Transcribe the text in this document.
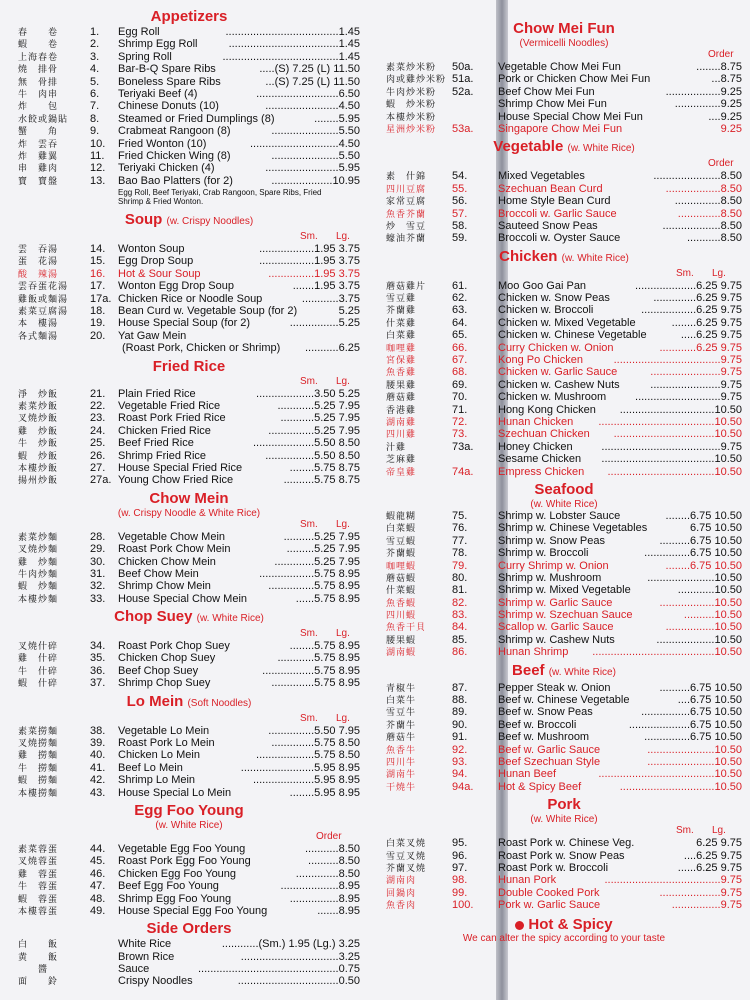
Appetizers
春　　卷	1. Egg Roll	.....................................1.45
蝦　　卷	2. Shrimp Egg Roll	....................................1.45
上海春卷	3. Spring Roll	......................................1.45
燒　排骨	4. Bar-B-Q Spare Ribs	.....(S) 7.25 (L) 11.50
無　骨排	5. Boneless Spare Ribs	...(S) 7.25 (L) 11.50
牛　肉串	6. Teriyaki Beef (4)	...........................6.50
炸　　包	7. Chinese Donuts (10)	........................4.50
水餃或鍋貼 8. Steamed or Fried Dumplings (8)	........5.95
蟹　　角	9. Crabmeat Rangoon (8)	......................5.50
炸　雲吞	10. Fried Wonton (10)	.............................4.50
炸　雞翼	11. Fried Chicken Wing (8)	......................5.50
串　雞肉	12. Teriyaki Chicken (4)	........................5.95
寶　寶盤	13. Bao Bao Platters (for 2)	....................10.95
Egg Roll, Beef Teriyaki, Crab Rangoon, Spare Ribs, Fried Shrimp & Fried Wonton.
Soup (w. Crispy Noodles)
Sm. Lg.
雲　吞湯	14. Wonton Soup	..................1.95 3.75
蛋　花湯	15. Egg Drop Soup	..................1.95 3.75
酸　辣湯	16. Hot & Sour Soup	...............1.95 3.75
雲吞蛋花湯 17. Wonton Egg Drop Soup	.......1.95 3.75
雞飯或麵湯 17a. Chicken Rice or Noodle Soup	............3.75
素菜豆腐湯 18. Bean Curd w. Vegetable Soup (for 2)	5.25
本　樓湯	19. House Special Soup (for 2)	................5.25
各式麵湯	20. Yat Gaw Mein
(Roast Pork, Chicken or Shrimp) ...........6.25
Fried Rice
Sm. Lg.
淨　炒飯	21. Plain Fried Rice	...................3.50 5.25
素菜炒飯	22. Vegetable Fried Rice	............5.25 7.95
叉燒炒飯	23. Roast Pork Fried Rice	...........5.25 7.95
雞　炒飯	24. Chicken Fried Rice	...............5.25 7.95
牛　炒飯	25. Beef Fried Rice	....................5.50 8.50
蝦　炒飯	26. Shrimp Fried Rice	................5.50 8.50
本樓炒飯	27. House Special Fried Rice	........5.75 8.75
揚州炒飯	27a. Young Chow Fried Rice	..........5.75 8.75
Chow Mein
(w. Crispy Noodle & White Rice)
Sm. Lg.
素菜炒麵	28. Vegetable Chow Mein	..........5.25 7.95
叉燒炒麵	29. Roast Pork Chow Mein	.........5.25 7.95
雞　炒麵	30. Chicken Chow Mein	.............5.25 7.95
牛肉炒麵	31. Beef Chow Mein	..................5.75 8.95
蝦　炒麵	32. Shrimp Chow Mein	...............5.75 8.95
本樓炒麵	33. House Special Chow Mein	......5.75 8.95
Chop Suey (w. White Rice)
Sm. Lg.
叉燒什碎	34. Roast Pork Chop Suey	........5.75 8.95
雞　什碎	35. Chicken Chop Suey	............5.75 8.95
牛　什碎	36. Beef Chop Suey	.................5.75 8.95
蝦　什碎	37. Shrimp Chop Suey	..............5.75 8.95
Lo Mein (Soft Noodles)
Sm. Lg.
素菜撈麵	38. Vegetable Lo Mein	...............5.50 7.95
叉燒撈麵	39. Roast Pork Lo Mein	..............5.75 8.50
雞　撈麵	40. Chicken Lo Mein	...................5.75 8.50
牛　撈麵	41. Beef Lo Mein	........................5.95 8.95
蝦　撈麵	42. Shrimp Lo Mein	....................5.95 8.95
本樓撈麵	43. House Special Lo Mein	........5.95 8.95
Egg Foo Young
(w. White Rice)
Order
素菜蓉蛋	44. Vegetable Egg Foo Young	...........8.50
叉燒蓉蛋	45. Roast Pork Egg Foo Young	..........8.50
雞　蓉蛋	46. Chicken Egg Foo Young	..............8.50
牛　蓉蛋	47. Beef Egg Foo Young	...................8.95
蝦　蓉蛋	48. Shrimp Egg Foo Young	................8.95
本樓蓉蛋	49. House Special Egg Foo Young	.......8.95
Side Orders
白　　飯	White Rice	............(Sm.) 1.95 (Lg.) 3.25
黄　　飯	Brown Rice	................................3.25
　　醬	Sauce	..............................................0.75
面　　鈴	Crispy Noodles	.................................0.50
Chow Mei Fun
(Vermicelli Noodles)
Order
素菜炒米粉 50a. Vegetable Chow Mei Fun	........8.75
肉或雞炒米粉 51a. Pork or Chicken Chow Mei Fun	...8.75
牛肉炒米粉 52a. Beef Chow Mei Fun	..................9.25
蝦　炒米粉	Shrimp Chow Mei Fun	...............9.25
本樓炒米粉	House Special Chow Mei Fun	....9.25
星洲炒米粉 53a. Singapore Chow Mei Fun	9.25
Vegetable (w. White Rice)
Order
素　什錦 54.	Mixed Vegetables	......................8.50
四川豆腐 55.	Szechuan Bean Curd	..................8.50
家常豆腐 56.	Home Style Bean Curd	...............8.50
魚香芥蘭 57.	Broccoli w. Garlic Sauce	..............8.50
炒　雪豆 58.	Sauteed Snow Peas	...................8.50
蠔油芥蘭 59.	Broccoli w. Oyster Sauce	...........8.50
Chicken (w. White Rice)
Sm. Lg.
蘑菇雞片 61.	Moo Goo Gai Pan	....................6.25 9.75
雪豆雞	62.	Chicken w. Snow Peas	..............6.25 9.75
芥蘭雞	63.	Chicken w. Broccoli	..................6.25 9.75
什菜雞	64.	Chicken w. Mixed Vegetable	........6.25 9.75
白菜雞	65.	Chicken w. Chinese Vegetable	.....6.25 9.75
咖哩雞	66.	Curry Chicken w. Onion	............6.25 9.75
宮保雞	67.	Kong Po Chicken	...................................9.75
魚香雞	68.	Chicken w. Garlic Sauce	.......................9.75
腰果雞	69.	Chicken w. Cashew Nuts	.......................9.75
蘑菇雞	70.	Chicken w. Mushroom	............................9.75
香港雞	71.	Hong Kong Chicken ...............................10.50
湖南雞	72.	Hunan Chicken ......................................10.50
四川雞	73.	Szechuan Chicken .................................10.50
汁雞	73a. Honey Chicken	.......................................9.75
芝麻雞	Sesame Chicken .....................................10.50
帝皇雞	74a. Empress Chicken ...................................10.50
Seafood
(w. White Rice)
蝦龍糊	75.	Shrimp w. Lobster Sauce	........6.75 10.50
白菜蝦	76.	Shrimp w. Chinese Vegetables	6.75 10.50
雪豆蝦	77.	Shrimp w. Snow Peas	..........6.75 10.50
芥蘭蝦	78.	Shrimp w. Broccoli	...............6.75 10.50
咖哩蝦	79.	Curry Shrimp w. Onion	........6.75 10.50
蘑菇蝦	80.	Shrimp w. Mushroom	......................10.50
什菜蝦	81.	Shrimp w. Mixed Vegetable	............10.50
魚香蝦	82.	Shrimp w. Garlic Sauce	..................10.50
四川蝦	83.	Shrimp w. Szechuan Sauce	..........10.50
魚香干貝 84.	Scallop w. Garlic Sauce	................10.50
腰果蝦	85.	Shrimp w. Cashew Nuts	...................10.50
湖南蝦	86.	Hunan Shrimp ........................................10.50
Beef (w. White Rice)
青椒牛	87.	Pepper Steak w. Onion	..........6.75 10.50
白菜牛	88.	Beef w. Chinese Vegetable	....6.75 10.50
雪豆牛	89.	Beef w. Snow Peas	................6.75 10.50
芥蘭牛	90.	Beef w. Broccoli	....................6.75 10.50
蘑菇牛	91.	Beef w. Mushroom	...............6.75 10.50
魚香牛	92.	Beef w. Garlic Sauce	......................10.50
四川牛	93.	Beef Szechuan Style	......................10.50
湖南牛	94.	Hunan Beef	......................................10.50
干燒牛	94a. Hot & Spicy Beef	...............................10.50
Pork
(w. White Rice)
Sm. Lg.
白菜叉燒 95.	Roast Pork w. Chinese Veg.	6.25 9.75
雪豆叉燒 96.	Roast Pork w. Snow Peas	....6.25 9.75
芥蘭叉燒 97.	Roast Pork w. Broccoli	......6.25 9.75
湖南肉	98.	Hunan Pork	......................................9.75
回鍋肉	99.	Double Cooked Pork	....................9.75
魚香肉	100. Pork w. Garlic Sauce	................9.75
Hot & Spicy
We can alter the spicy according to your taste
